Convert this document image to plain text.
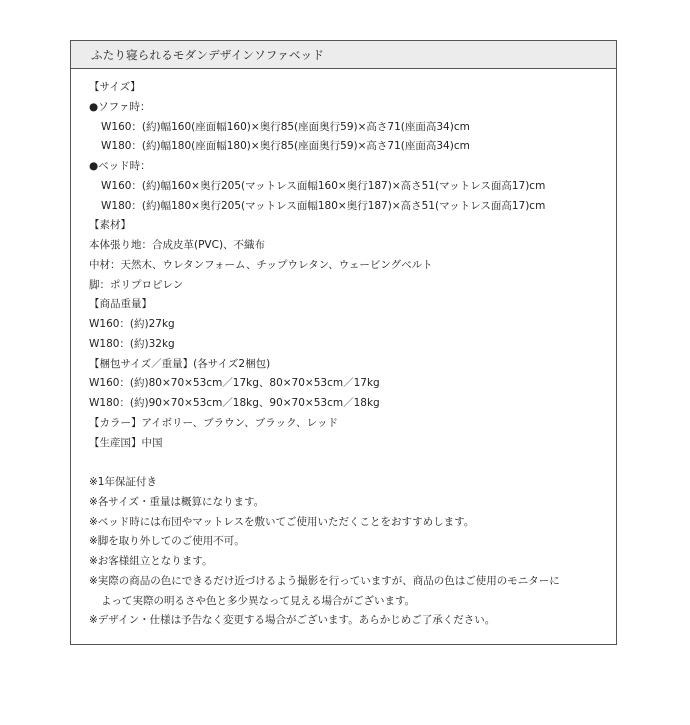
ふたり寝られるモダンデザインソファベッド
【サイズ】
●ソファ時：
W160：(約)幅160(座面幅160)×奥行85(座面奥行59)×高さ71(座面高34)cm
W180：(約)幅180(座面幅180)×奥行85(座面奥行59)×高さ71(座面高34)cm
●ベッド時：
W160：(約)幅160×奥行205(マットレス面幅160×奥行187)×高さ51(マットレス面高17)cm
W180：(約)幅180×奥行205(マットレス面幅180×奥行187)×高さ51(マットレス面高17)cm
【素材】
本体張り地：合成皮革(PVC)、不織布
中材：天然木、ウレタンフォーム、チップウレタン、ウェービングベルト
脚：ポリプロピレン
【商品重量】
W160：(約)27kg
W180：(約)32kg
【梱包サイズ／重量】(各サイズ2梱包)
W160：(約)80×70×53cm／17kg、80×70×53cm／17kg
W180：(約)90×70×53cm／18kg、90×70×53cm／18kg
【カラー】アイボリー、ブラウン、ブラック、レッド
【生産国】中国
※1年保証付き
※各サイズ・重量は概算になります。
※ベッド時には布団やマットレスを敷いてご使用いただくことをおすすめします。
※脚を取り外してのご使用不可。
※お客様組立となります。
※実際の商品の色にできるだけ近づけるよう撮影を行っていますが、商品の色はご使用のモニターに
よって実際の明るさや色と多少異なって見える場合がございます。
※デザイン・仕様は予告なく変更する場合がございます。あらかじめご了承ください。
